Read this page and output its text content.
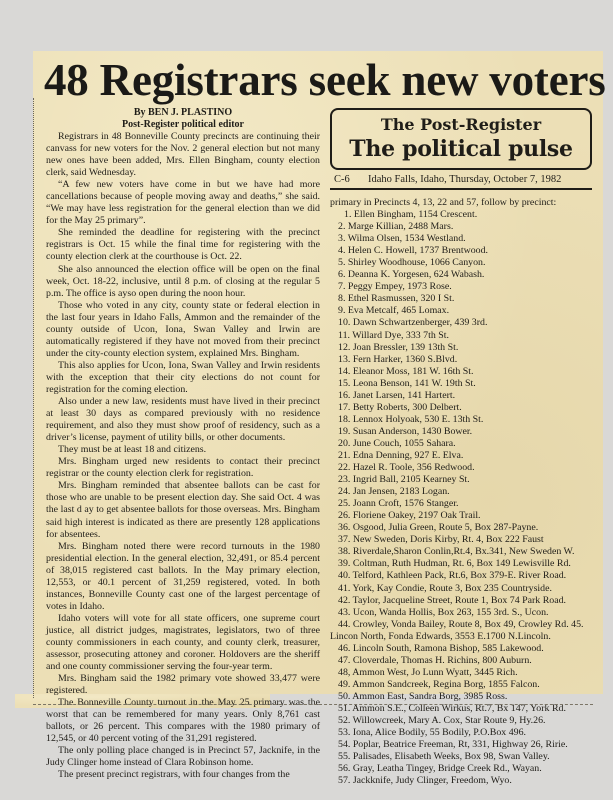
48 Registrars seek new voters
By BEN J. PLASTINO
Post-Register political editor

Registrars in 48 Bonneville County precincts are continuing their canvass for new voters for the Nov. 2 general election but not many new ones have been added, Mrs. Ellen Bingham, county election clerk, said Wednesday.

“A few new voters have come in but we have had more cancellations because of people moving away and deaths,” she said. “We may have less registration for the general election than we did for the May 25 primary”.

She reminded the deadline for registering with the precinct registrars is Oct. 15 while the final time for registering with the county election clerk at the courthouse is Oct. 22.

She also announced the election office will be open on the final week, Oct. 18-22, inclusive, until 8 p.m. of closing at the regular 5 p.m. The office is ayso open during the noon hour.

Those who voted in any city, county state or federal election in the last four years in Idaho Falls, Ammon and the remainder of the county outside of Ucon, Iona, Swan Valley and Irwin are automatically registered if they have not moved from their precinct under the city-county election system, explained Mrs. Bingham.

This also applies for Ucon, Iona, Swan Valley and Irwin residents with the exception that their city elections do not count for registration for the coming election.

Also under a new law, residents must have lived in their precinct at least 30 days as compared previously with no residence requirement, and also they must show proof of residency, such as a driver’s license, payment of utility bills, or other documents.

They must be at least 18 and citizens.

Mrs. Bingham urged new residents to contact their precinct registrar or the county election clerk for registration.

Mrs. Bingham reminded that absentee ballots can be cast for those who are unable to be present election day. She said Oct. 4 was the last d ay to get absentee ballots for those overseas. Mrs. Bingham said high interest is indicated as there are presently 128 applications for absentees.

Mrs. Bingham noted there were record turnouts in the 1980 presidential election. In the general election, 32,491, or 85.4 percent of 38,015 registered cast ballots. In the May primary election, 12,553, or 40.1 percent of 31,259 registered, voted. In both instances, Bonneville County cast one of the largest percentage of votes in Idaho.

Idaho voters will vote for all state officers, one supreme court justice, all district judges, magistrates, legislators, two of three county commissioners in each county, and county clerk, treasurer, assessor, prosecuting attoney and coroner. Holdovers are the sheriff and one county commissioner serving the four-year term.

Mrs. Bingham said the 1982 primary vote showed 33,477 were registered.

The Bonneville County turnout in the May 25 primary was the worst that can be remembered for many years. Only 8,761 cast ballots, or 26 percent. This compares with the 1980 primary of 12,545, or 40 percent voting of the 31,291 registered.

The only polling place changed is in Precinct 57, Jacknife, in the Judy Clinger home instead of Clara Robinson home.

The present precinct registrars, with four changes from the

The Post-Register
The political pulse
C-6	Idaho Falls, Idaho, Thursday, October 7, 1982
primary in Precincts 4, 13, 22 and 57, follow by precinct:
1. Ellen Bingham, 1154 Crescent.
2. Marge Killian, 2488 Mars.
3. Wilma Olsen, 1534 Westland.
4. Helen C. Howell, 1737 Brentwood.
5. Shirley Woodhouse, 1066 Canyon.
6. Deanna K. Yorgesen, 624 Wabash.
7. Peggy Empey, 1973 Rose.
8. Ethel Rasmussen, 320 I St.
9. Eva Metcalf, 465 Lomax.
10. Dawn Schwartzenberger, 439 3rd.
11. Willard Dye, 333 7th St.
12. Joan Bressler, 139 13th St.
13. Fern Harker, 1360 S.Blvd.
14. Eleanor Moss, 181 W. 16th St.
15. Leona Benson, 141 W. 19th St.
16. Janet Larsen, 141 Hartert.
17. Betty Roberts, 300 Delbert.
18. Lennox Holyoak, 530 E. 13th St.
19. Susan Anderson, 1430 Bower.
20. June Couch, 1055 Sahara.
21. Edna Denning, 927 E. Elva.
22. Hazel R. Toole, 356 Redwood.
23. Ingrid Ball, 2105 Kearney St.
24. Jan Jensen, 2183 Logan.
25. Joann Croft, 1576 Stanger.
26. Floriene Oakey, 2197 Oak Trail.
36. Osgood, Julia Green, Route 5, Box 287-Payne.
37. New Sweden, Doris Kirby, Rt. 4, Box 222 Faust
38. Riverdale,Sharon Conlin,Rt.4, Bx.341, New Sweden W.
39. Coltman, Ruth Hudman, Rt. 6, Box 149 Lewisville Rd.
40. Telford, Kathleen Pack, Rt.6, Box 379-E. River Road.
41. York, Kay Condie, Route 3, Box 235 Countryside.
42. Taylor, Jacqueline Street, Route 1, Box 74 Park Road.
43. Ucon, Wanda Hollis, Box 263, 155 3rd. S., Ucon.
44. Crowley, Vonda Bailey, Route 8, Box 49, Crowley Rd. 45.
Lincon North, Fonda Edwards, 3553 E.1700 N.Lincoln.
46. Lincoln South, Ramona Bishop, 585 Lakewood.
47. Cloverdale, Thomas H. Richins, 800 Auburn.
48, Ammon West, Jo Lunn Wyatt, 3445 Rich.
49. Ammon Sandcreek, Regina Borg, 1855 Falcon.
50. Ammon East, Sandra Borg, 3985 Ross.
51. Ammon S.E., Colleen Wirkus, Rt.7, Bx 147, York Rd.
52. Willowcreek, Mary A. Cox, Star Route 9, Hy.26.
53. Iona, Alice Bodily, 55 Bodily, P.O.Box 496.
54. Poplar, Beatrice Freeman, Rt, 331, Highway 26, Ririe.
55. Palisades, Elisabeth Weeks, Box 98, Swan Valley.
56. Gray, Leatha Tingey, Bridge Creek Rd., Wayan.
57. Jackknife, Judy Clinger, Freedom, Wyo.
